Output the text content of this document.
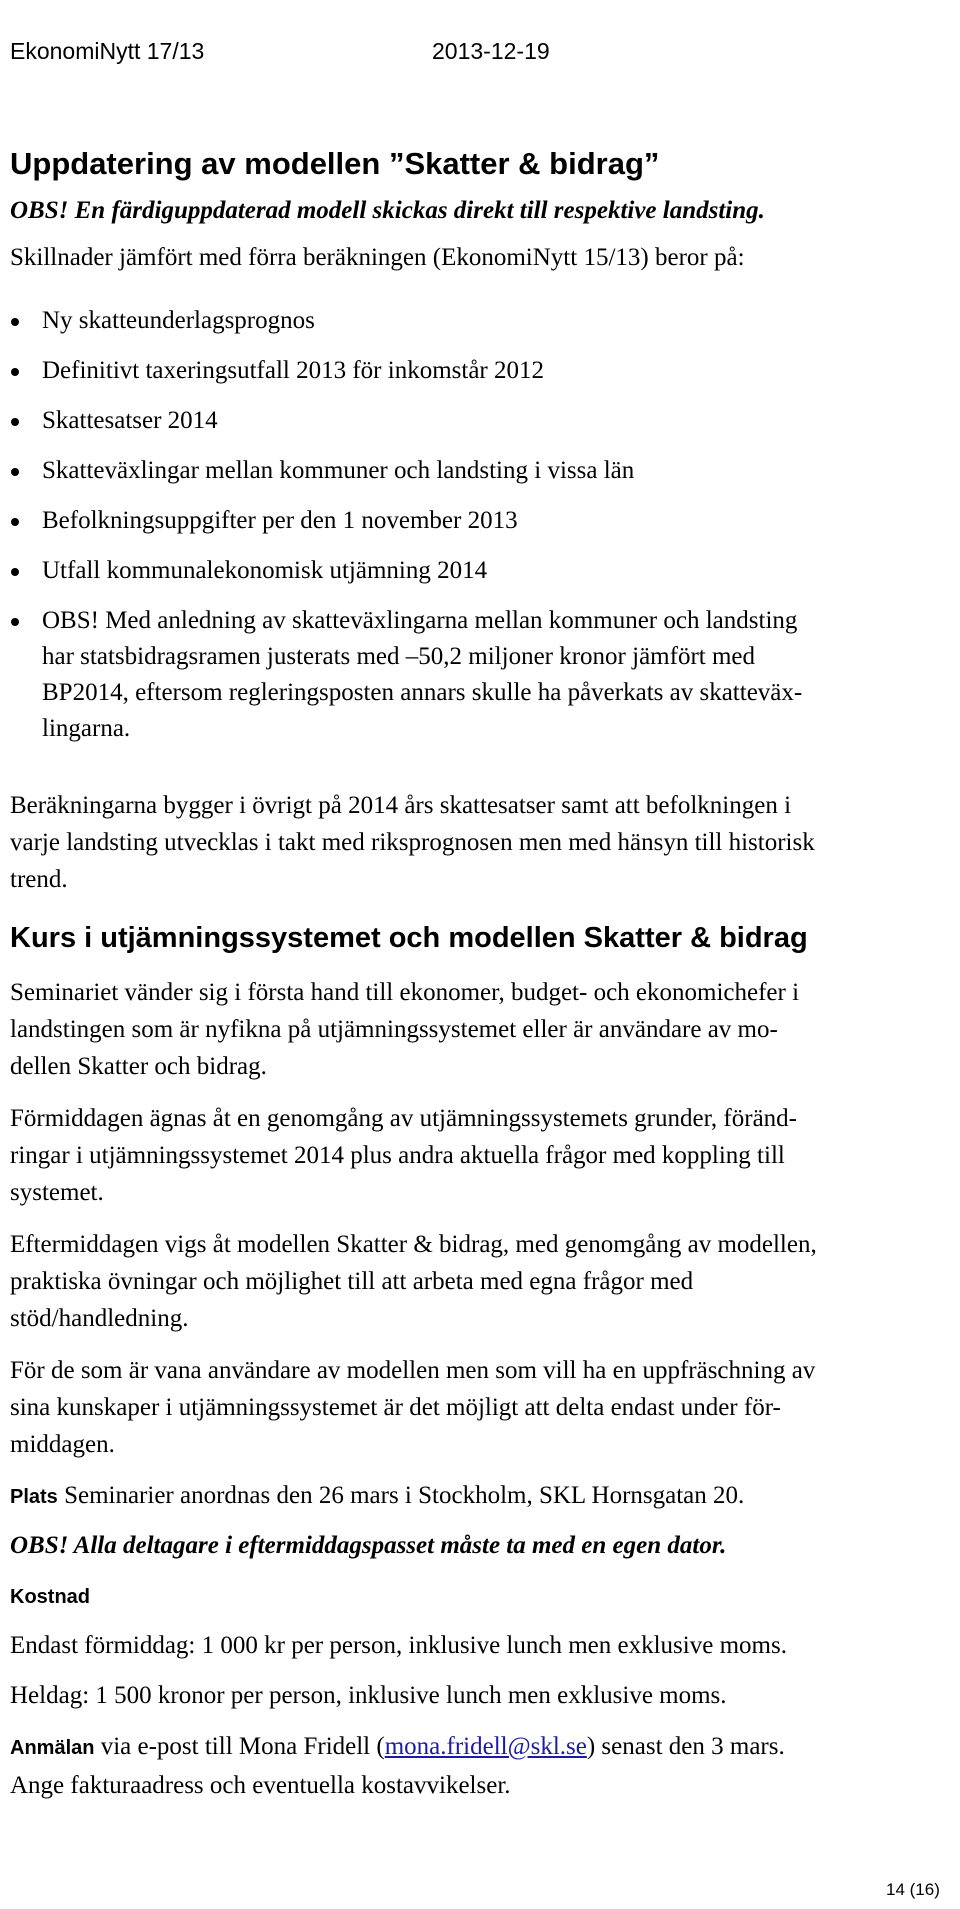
EkonomiNytt 17/13	2013-12-19
Uppdatering av modellen ”Skatter & bidrag”

OBS! En färdiguppdaterad modell skickas direkt till respektive landsting.

Skillnader jämfört med förra beräkningen (EkonomiNytt 15/13) beror på:

Ny skatteunderlagsprognos
Definitivt taxeringsutfall 2013 för inkomstår 2012
Skattesatser 2014
Skatteväxlingar mellan kommuner och landsting i vissa län
Befolkningsuppgifter per den 1 november 2013
Utfall kommunalekonomisk utjämning 2014
OBS! Med anledning av skatteväxlingarna mellan kommuner och landsting
har statsbidragsramen justerats med –50,2 miljoner kronor jämfört med
BP2014, eftersom regleringsposten annars skulle ha påverkats av skatteväx-
lingarna.
Beräkningarna bygger i övrigt på 2014 års skattesatser samt att befolkningen i
varje landsting utvecklas i takt med riksprognosen men med hänsyn till historisk
trend.
Kurs i utjämningssystemet och modellen Skatter & bidrag
Seminariet vänder sig i första hand till ekonomer, budget- och ekonomichefer i
landstingen som är nyfikna på utjämningssystemet eller är användare av mo-
dellen Skatter och bidrag.
Förmiddagen ägnas åt en genomgång av utjämningssystemets grunder, föränd-
ringar i utjämningssystemet 2014 plus andra aktuella frågor med koppling till
systemet.
Eftermiddagen vigs åt modellen Skatter & bidrag, med genomgång av modellen,
praktiska övningar och möjlighet till att arbeta med egna frågor med
stöd/handledning.
För de som är vana användare av modellen men som vill ha en uppfräschning av
sina kunskaper i utjämningssystemet är det möjligt att delta endast under för-
middagen.

Plats Seminarier anordnas den 26 mars i Stockholm, SKL Hornsgatan 20.

OBS! Alla deltagare i eftermiddagspasset måste ta med en egen dator.

Kostnad

Endast förmiddag: 1 000 kr per person, inklusive lunch men exklusive moms.

Heldag: 1 500 kronor per person, inklusive lunch men exklusive moms.

Anmälan via e-post till Mona Fridell (mona.fridell@skl.se) senast den 3 mars.
Ange fakturaadress och eventuella kostavvikelser.
14 (16)
